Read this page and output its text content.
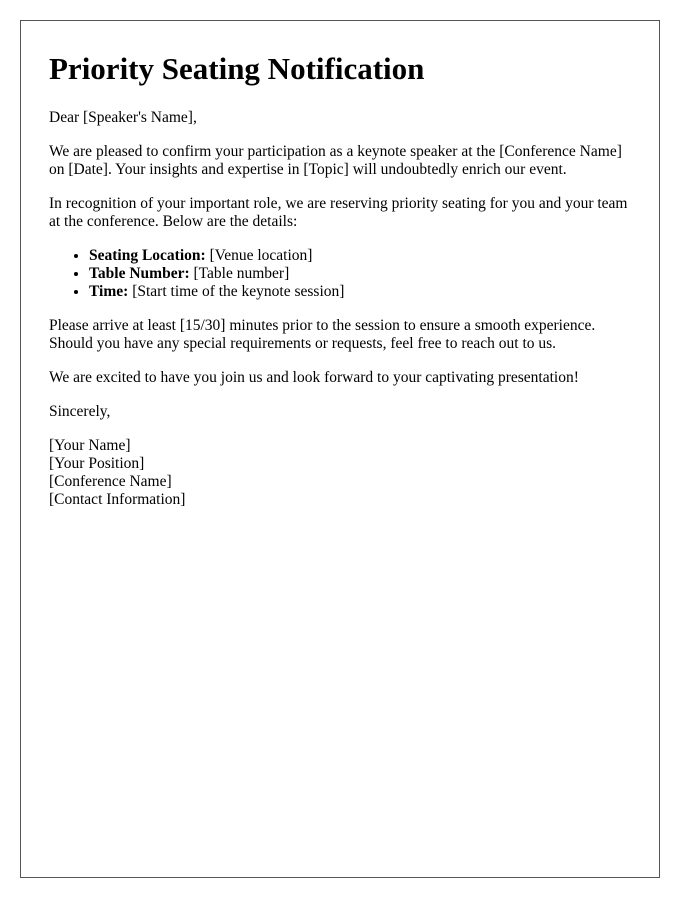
Priority Seating Notification

Dear [Speaker's Name],

We are pleased to confirm your participation as a keynote speaker at the [Conference Name] on [Date]. Your insights and expertise in [Topic] will undoubtedly enrich our event.

In recognition of your important role, we are reserving priority seating for you and your team at the conference. Below are the details:

• Seating Location: [Venue location]
• Table Number: [Table number]
• Time: [Start time of the keynote session]

Please arrive at least [15/30] minutes prior to the session to ensure a smooth experience. Should you have any special requirements or requests, feel free to reach out to us.

We are excited to have you join us and look forward to your captivating presentation!

Sincerely,

[Your Name]
[Your Position]
[Conference Name]
[Contact Information]
